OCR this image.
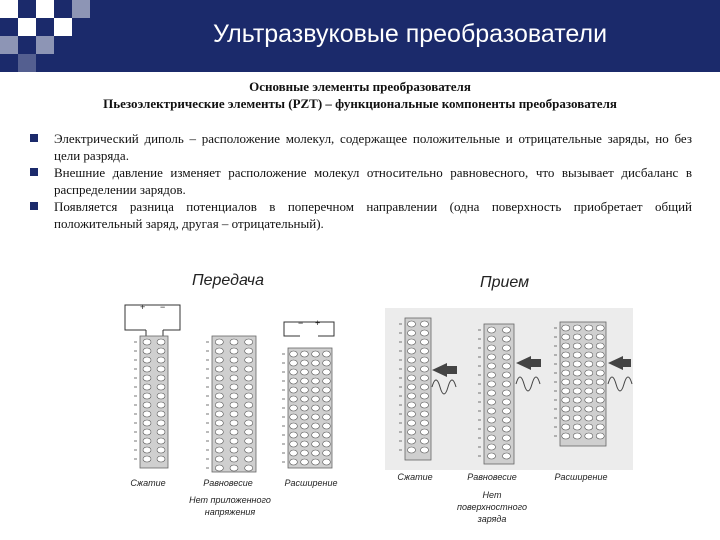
Ультразвуковые преобразователи
Основные элементы преобразователя
Пьезоэлектрические элементы (PZT) – функциональные компоненты преобразователя
Электрический диполь – расположение молекул, содержащее положительные и отрицательные заряды, но без цели разряда.
Внешние давление изменяет расположение молекул относительно равновесного, что вызывает дисбаланс в распределении зарядов.
Появляется разница потенциалов в поперечном направлении (одна поверхность приобретает общий положительный заряд, другая – отрицательный).
Передача	Прием
+ −
− +
Сжатие	Равновесие	Расширение
Нет приложенного
напряжения
Сжатие	Равновесие	Расширение
Нет
поверхностного
заряда
